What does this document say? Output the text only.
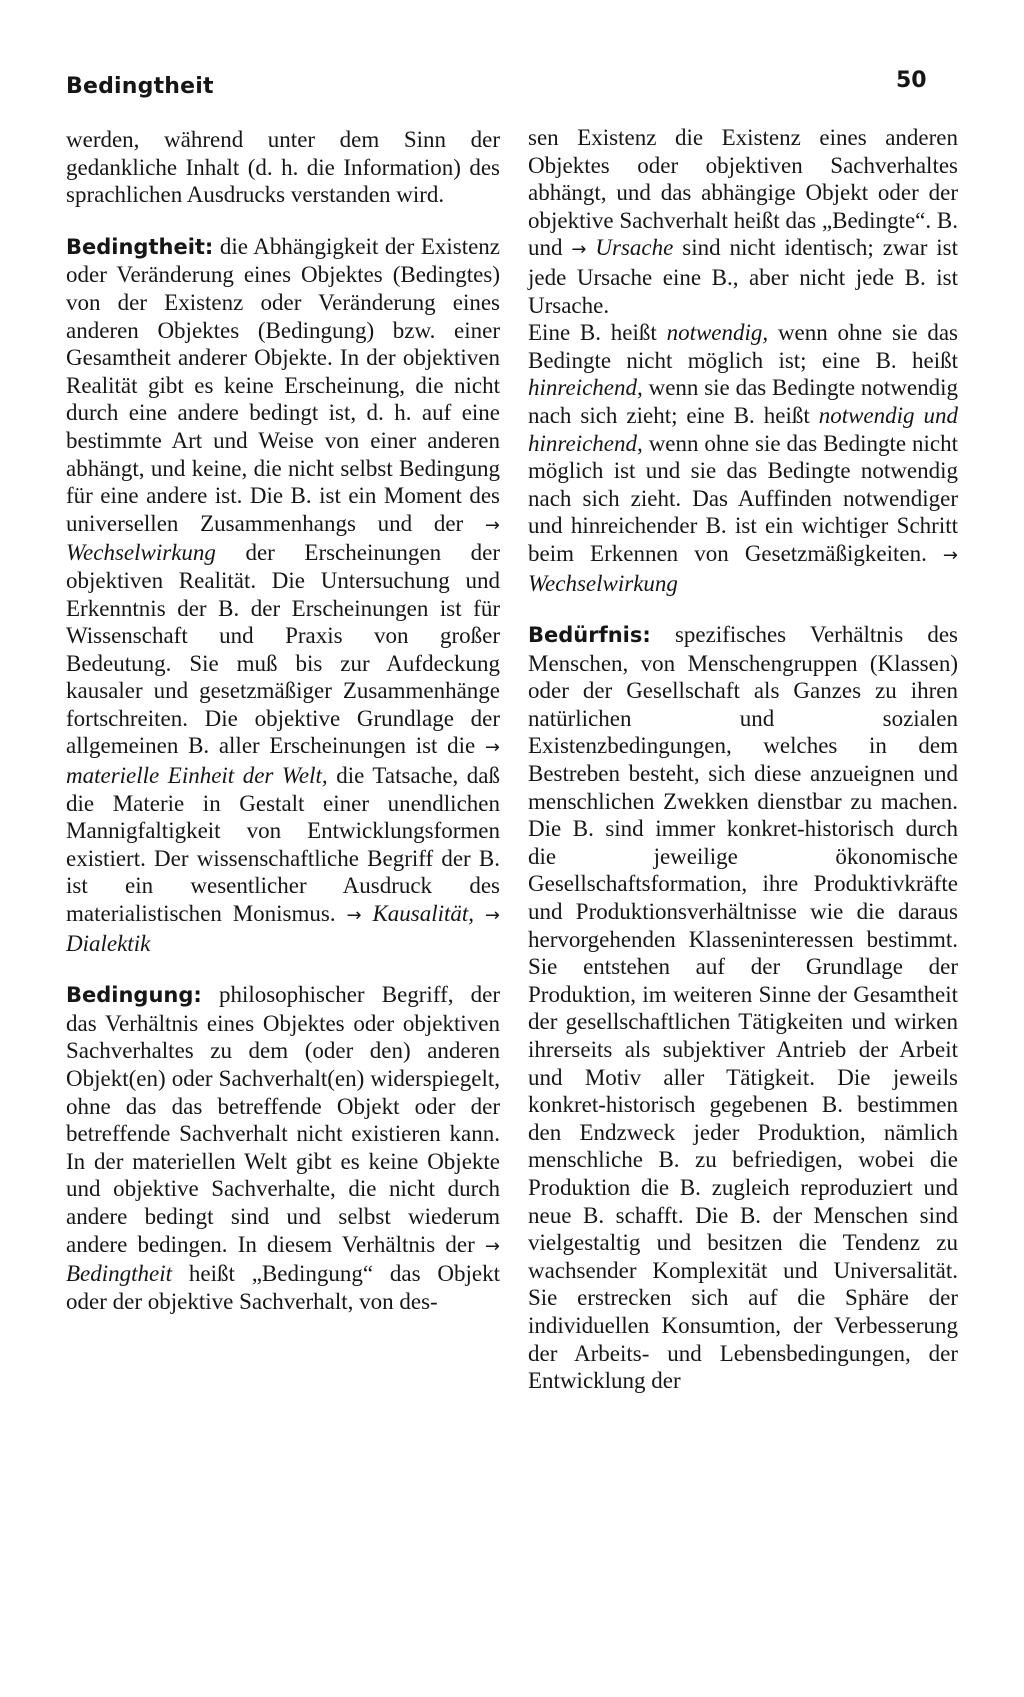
Bedingtheit	50

werden, während unter dem Sinn der gedankliche Inhalt (d. h. die Information) des sprachlichen Ausdrucks verstanden wird.

Bedingtheit: die Abhängigkeit der Existenz oder Veränderung eines Objektes (Bedingtes) von der Existenz oder Veränderung eines anderen Objektes (Bedingung) bzw. einer Gesamtheit anderer Objekte. In der objektiven Realität gibt es keine Erscheinung, die nicht durch eine andere bedingt ist, d. h. auf eine bestimmte Art und Weise von einer anderen abhängt, und keine, die nicht selbst Bedingung für eine andere ist. Die B. ist ein Moment des universellen Zusammenhangs und der → Wechselwirkung der Erscheinungen der objektiven Realität. Die Untersuchung und Erkenntnis der B. der Erscheinungen ist für Wissenschaft und Praxis von großer Bedeutung. Sie muß bis zur Aufdeckung kausaler und gesetzmäßiger Zusammenhänge fortschreiten. Die objektive Grundlage der allgemeinen B. aller Erscheinungen ist die → materielle Einheit der Welt, die Tatsache, daß die Materie in Gestalt einer unendlichen Mannigfaltigkeit von Entwicklungsformen existiert. Der wissenschaftliche Begriff der B. ist ein wesentlicher Ausdruck des materialistischen Monismus. → Kausalität, → Dialektik

Bedingung: philosophischer Begriff, der das Verhältnis eines Objektes oder objektiven Sachverhaltes zu dem (oder den) anderen Objekt(en) oder Sachverhalt(en) widerspiegelt, ohne das das betreffende Objekt oder der betreffende Sachverhalt nicht existieren kann. In der materiellen Welt gibt es keine Objekte und objektive Sachverhalte, die nicht durch andere bedingt sind und selbst wiederum andere bedingen. In diesem Verhältnis der → Bedingtheit heißt „Bedingung“ das Objekt oder der objektive Sachverhalt, von des-

sen Existenz die Existenz eines anderen Objektes oder objektiven Sachverhaltes abhängt, und das abhängige Objekt oder der objektive Sachverhalt heißt das „Bedingte“. B. und → Ursache sind nicht identisch; zwar ist jede Ursache eine B., aber nicht jede B. ist Ursache.

Eine B. heißt notwendig, wenn ohne sie das Bedingte nicht möglich ist; eine B. heißt hinreichend, wenn sie das Bedingte notwendig nach sich zieht; eine B. heißt notwendig und hinreichend, wenn ohne sie das Bedingte nicht möglich ist und sie das Bedingte notwendig nach sich zieht. Das Auffinden notwendiger und hinreichender B. ist ein wichtiger Schritt beim Erkennen von Gesetzmäßigkeiten. → Wechselwirkung

Bedürfnis: spezifisches Verhältnis des Menschen, von Menschengruppen (Klassen) oder der Gesellschaft als Ganzes zu ihren natürlichen und sozialen Existenzbedingungen, welches in dem Bestreben besteht, sich diese anzueignen und menschlichen Zwekken dienstbar zu machen. Die B. sind immer konkret-historisch durch die jeweilige ökonomische Gesellschaftsformation, ihre Produktivkräfte und Produktionsverhältnisse wie die daraus hervorgehenden Klasseninteressen bestimmt. Sie entstehen auf der Grundlage der Produktion, im weiteren Sinne der Gesamtheit der gesellschaftlichen Tätigkeiten und wirken ihrerseits als subjektiver Antrieb der Arbeit und Motiv aller Tätigkeit. Die jeweils konkret-historisch gegebenen B. bestimmen den Endzweck jeder Produktion, nämlich menschliche B. zu befriedigen, wobei die Produktion die B. zugleich reproduziert und neue B. schafft. Die B. der Menschen sind vielgestaltig und besitzen die Tendenz zu wachsender Komplexität und Universalität. Sie erstrecken sich auf die Sphäre der individuellen Konsumtion, der Verbesserung der Arbeits- und Lebensbedingungen, der Entwicklung der
